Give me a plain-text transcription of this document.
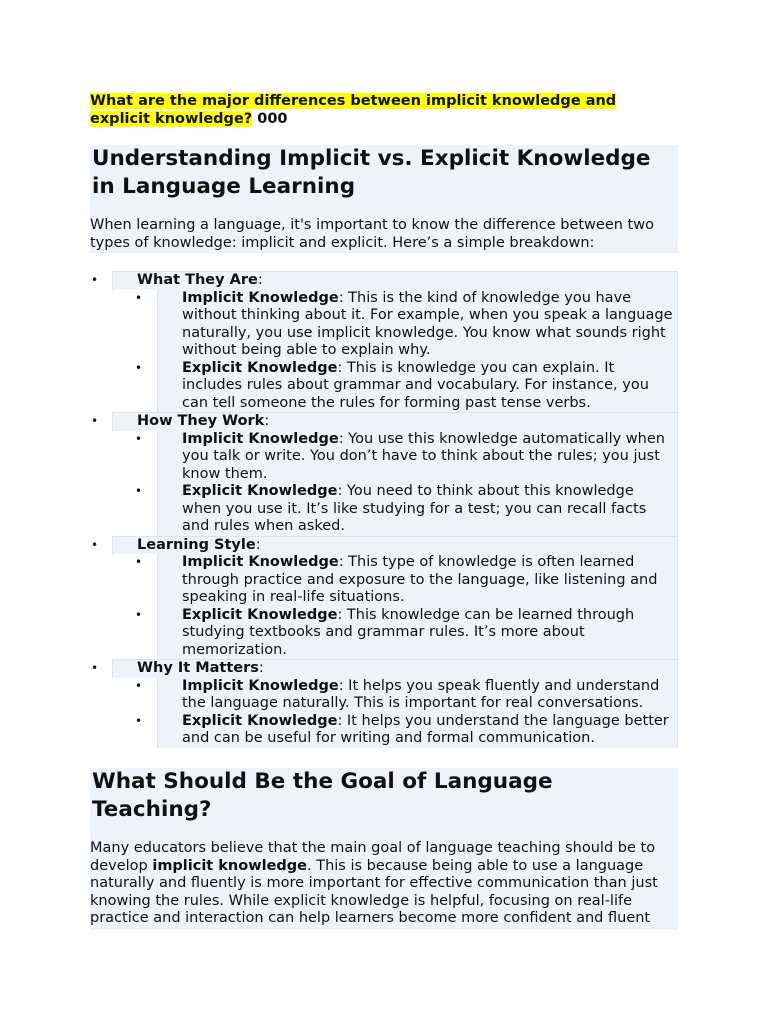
What are the major differences between implicit knowledge and explicit knowledge? 000
Understanding Implicit vs. Explicit Knowledge in Language Learning

When learning a language, it's important to know the difference between two types of knowledge: implicit and explicit. Here’s a simple breakdown:

•	What They Are:
•	Implicit Knowledge: This is the kind of knowledge you have without thinking about it. For example, when you speak a language naturally, you use implicit knowledge. You know what sounds right without being able to explain why.
•	Explicit Knowledge: This is knowledge you can explain. It includes rules about grammar and vocabulary. For instance, you can tell someone the rules for forming past tense verbs.
•	How They Work:
•	Implicit Knowledge: You use this knowledge automatically when you talk or write. You don’t have to think about the rules; you just know them.
•	Explicit Knowledge: You need to think about this knowledge when you use it. It’s like studying for a test; you can recall facts and rules when asked.
•	Learning Style:
•	Implicit Knowledge: This type of knowledge is often learned through practice and exposure to the language, like listening and speaking in real-life situations.
•	Explicit Knowledge: This knowledge can be learned through studying textbooks and grammar rules. It’s more about memorization.
•	Why It Matters:
•	Implicit Knowledge: It helps you speak fluently and understand the language naturally. This is important for real conversations.
•	Explicit Knowledge: It helps you understand the language better and can be useful for writing and formal communication.
What Should Be the Goal of Language Teaching?

Many educators believe that the main goal of language teaching should be to develop implicit knowledge. This is because being able to use a language naturally and fluently is more important for effective communication than just knowing the rules. While explicit knowledge is helpful, focusing on real-life practice and interaction can help learners become more confident and fluent
